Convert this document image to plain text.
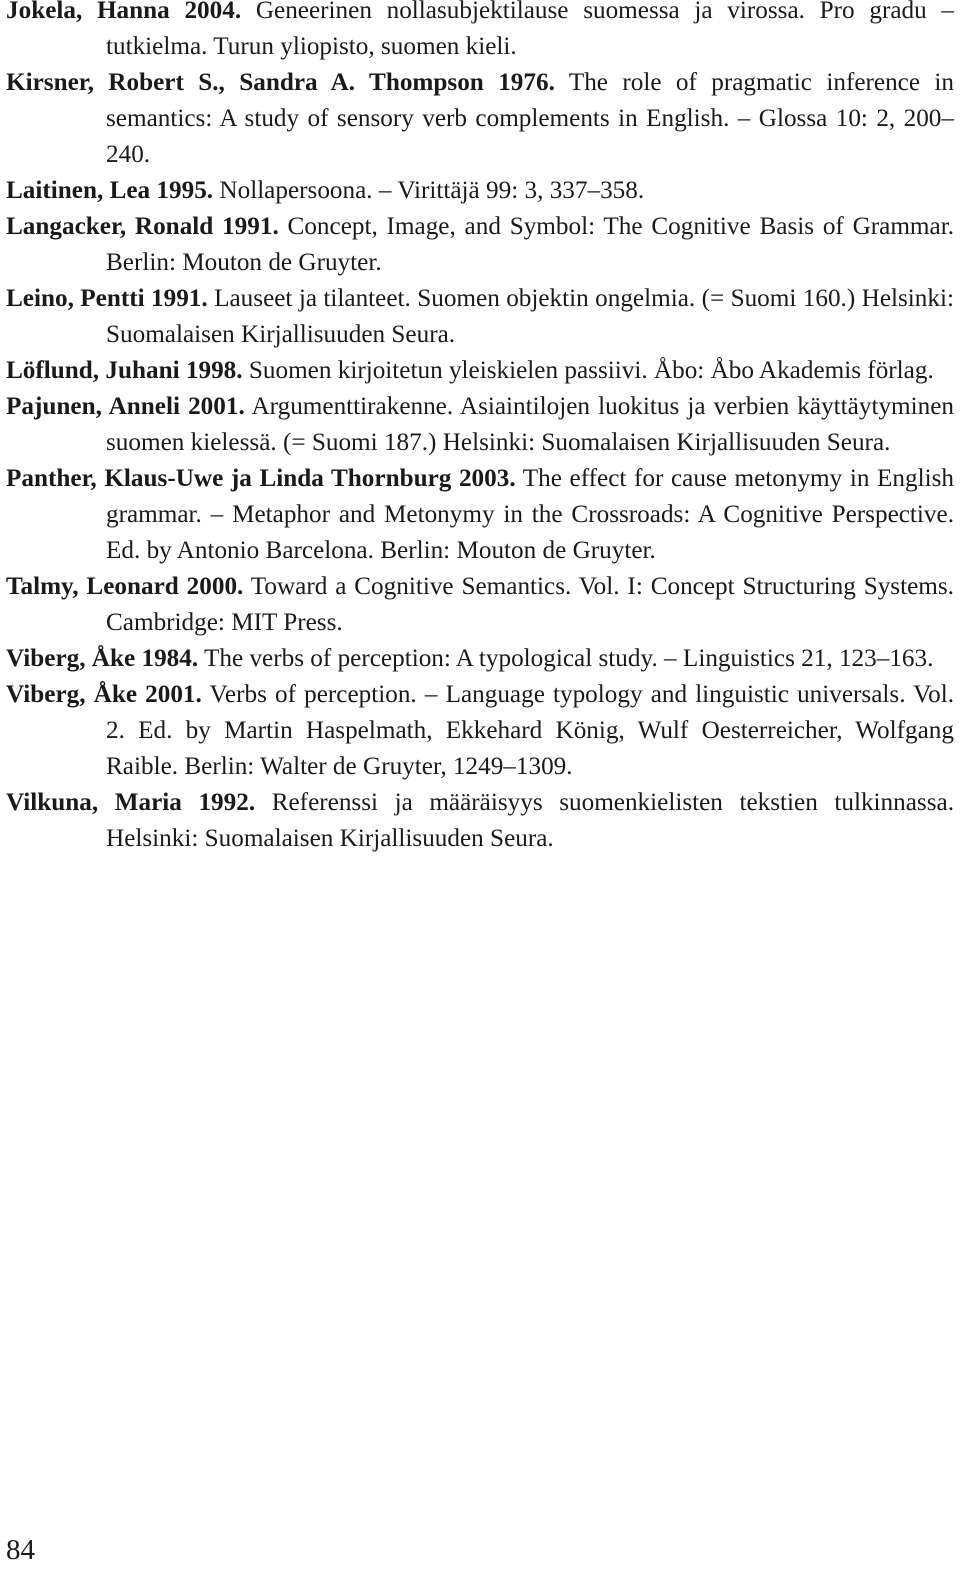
Jokela, Hanna 2004. Geneerinen nollasubjektilause suomessa ja virossa. Pro gradu – tutkielma. Turun yliopisto, suomen kieli.

Kirsner, Robert S., Sandra A. Thompson 1976. The role of pragmatic inference in semantics: A study of sensory verb complements in English. – Glossa 10: 2, 200–240.

Laitinen, Lea 1995. Nollapersoona. – Virittäjä 99: 3, 337–358.

Langacker, Ronald 1991. Concept, Image, and Symbol: The Cognitive Basis of Grammar. Berlin: Mouton de Gruyter.

Leino, Pentti 1991. Lauseet ja tilanteet. Suomen objektin ongelmia. (= Suomi 160.) Helsinki: Suomalaisen Kirjallisuuden Seura.

Löflund, Juhani 1998. Suomen kirjoitetun yleiskielen passiivi. Åbo: Åbo Akademis förlag.

Pajunen, Anneli 2001. Argumenttirakenne. Asiaintilojen luokitus ja verbien käyttäytyminen suomen kielessä. (= Suomi 187.) Helsinki: Suomalaisen Kirjallisuuden Seura.

Panther, Klaus-Uwe ja Linda Thornburg 2003. The effect for cause metonymy in English grammar. – Metaphor and Metonymy in the Crossroads: A Cognitive Perspective. Ed. by Antonio Barcelona. Berlin: Mouton de Gruyter.

Talmy, Leonard 2000. Toward a Cognitive Semantics. Vol. I: Concept Structuring Systems. Cambridge: MIT Press.

Viberg, Åke 1984. The verbs of perception: A typological study. – Linguistics 21, 123–163.

Viberg, Åke 2001. Verbs of perception. – Language typology and linguistic universals. Vol. 2. Ed. by Martin Haspelmath, Ekkehard König, Wulf Oesterreicher, Wolfgang Raible. Berlin: Walter de Gruyter, 1249–1309.

Vilkuna, Maria 1992. Referenssi ja määräisyys suomenkielisten tekstien tulkinnassa. Helsinki: Suomalaisen Kirjallisuuden Seura.

84
